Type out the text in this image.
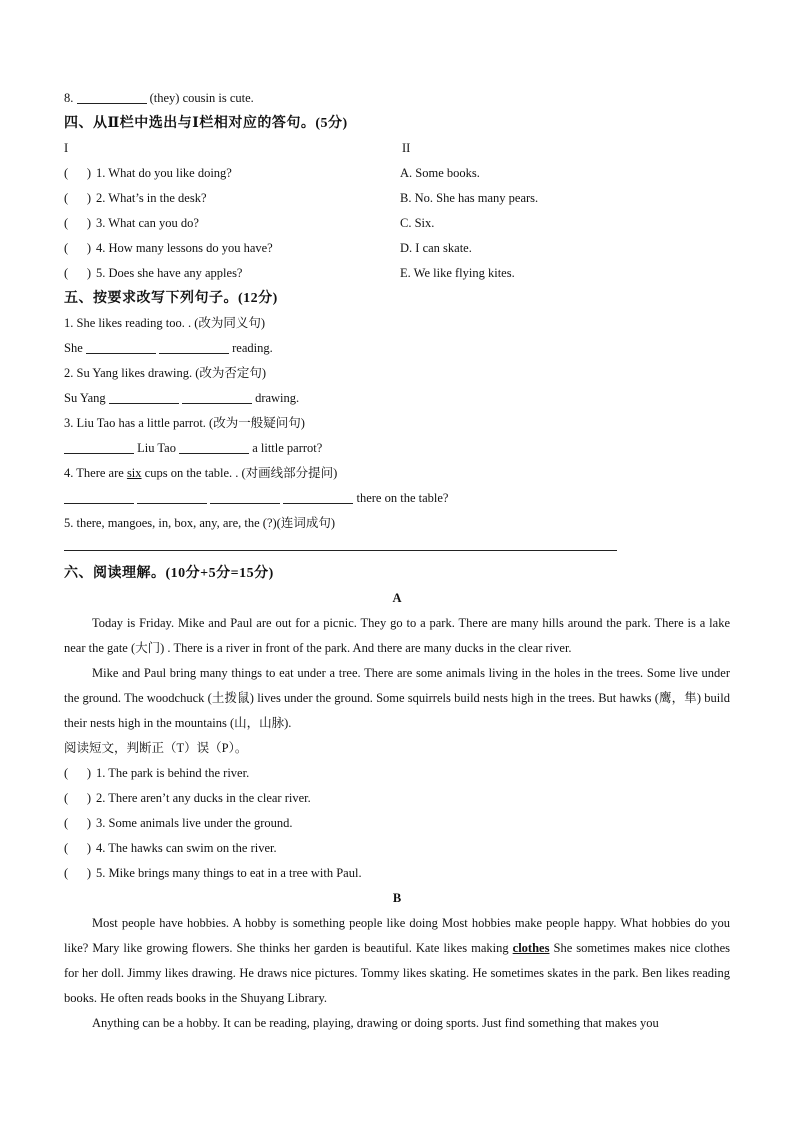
8.	(they) cousin is cute.
四、从Ⅱ栏中选出与Ⅰ栏相对应的答句。(5分)
I	II
(      ) 1. What do you like doing?	A. Some books.
(      ) 2. What’s in the desk?	B. No. She has many pears.
(      ) 3. What can you do?	C. Six.
(      ) 4. How many lessons do you have?	D. I can skate.
(      ) 5. Does she have any apples?	E. We like flying kites.
五、按要求改写下列句子。(12分)
1. She likes reading too. . (改为同义句)
She	reading.
2. Su Yang likes drawing. (改为否定句)
Su Yang	drawing.
3. Liu Tao has a little parrot. (改为一般疑问句)
Liu Tao	a little parrot?
4. There are six cups on the table. . (对画线部分提问)
there on the table?
5. there, mangoes, in, box, any, are, the (?)(连词成句)
六、阅读理解。(10分+5分=15分)
A
Today is Friday. Mike and Paul are out for a picnic. They go to a park. There are many hills around the park. There is a lake near the gate (大门) . There is a river in front of the park. And there are many ducks in the clear river.
Mike and Paul bring many things to eat under a tree. There are some animals living in the holes in the trees. Some live under the ground. The woodchuck (土拨鼠) lives under the ground. Some squirrels build nests high in the trees. But hawks (鹰，隼) build their nests high in the mountains (山，山脉).
阅读短文，判断正（T）误（P）。
(      ) 1. The park is behind the river.
(      ) 2. There aren’t any ducks in the clear river.
(      ) 3. Some animals live under the ground.
(      ) 4. The hawks can swim on the river.
(      ) 5. Mike brings many things to eat in a tree with Paul.
B
Most people have hobbies. A hobby is something people like doing Most hobbies make people happy. What hobbies do you like? Mary like growing flowers. She thinks her garden is beautiful. Kate likes making clothes She sometimes makes nice clothes for her doll. Jimmy likes drawing. He draws nice pictures. Tommy likes skating. He sometimes skates in the park. Ben likes reading books. He often reads books in the Shuyang Library.
Anything can be a hobby. It can be reading, playing, drawing or doing sports. Just find something that makes you
